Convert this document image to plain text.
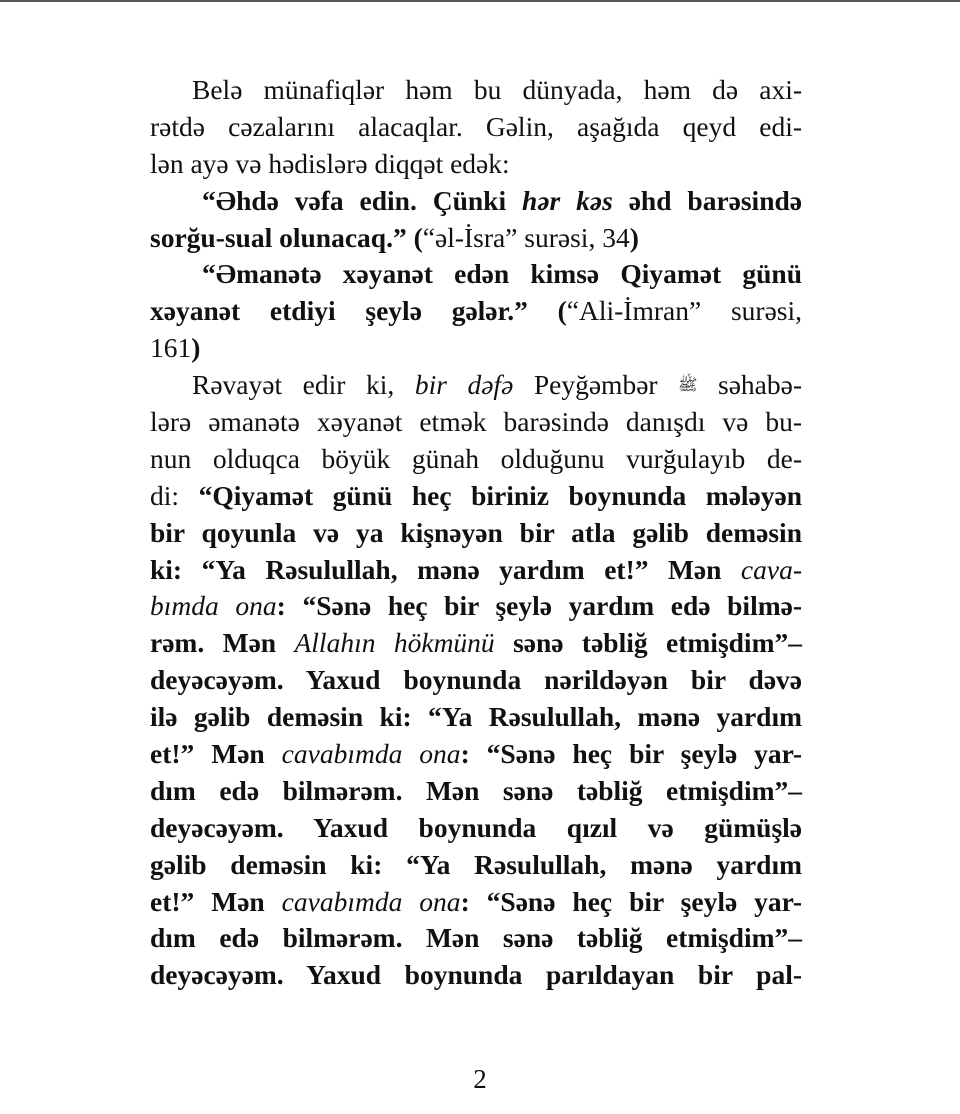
Belə münafiqlər həm bu dünyada, həm də axi-
rətdə cəzalarını alacaqlar. Gəlin, aşağıda qeyd edi-
lən ayə və hədislərə diqqət edək:
“Əhdə vəfa edin. Çünki hər kəs əhd barəsində
sorğu-sual olunacaq.” (“əl-İsra” surəsi, 34)
“Əmanətə xəyanət edən kimsə Qiyamət günü
xəyanət etdiyi şeylə gələr.” (“Ali-İmran” surəsi,
161)
Rəvayət edir ki, bir dəfə Peyğəmbər ﷺ səhabə-
lərə əmanətə xəyanət etmək barəsində danışdı və bu-
nun olduqca böyük günah olduğunu vurğulayıb de-
di: “Qiyamət günü heç biriniz boynunda mələyən
bir qoyunla və ya kişnəyən bir atla gəlib deməsin
ki: “Ya Rəsulullah, mənə yardım et!” Mən cava-
bımda ona: “Sənə heç bir şeylə yardım edə bilmə-
rəm. Mən Allahın hökmünü sənə təbliğ etmişdim”–
deyəcəyəm. Yaxud boynunda nərildəyən bir dəvə
ilə gəlib deməsin ki: “Ya Rəsulullah, mənə yardım
et!” Mən cavabımda ona: “Sənə heç bir şeylə yar-
dım edə bilmərəm. Mən sənə təbliğ etmişdim”–
deyəcəyəm. Yaxud boynunda qızıl və gümüşlə
gəlib deməsin ki: “Ya Rəsulullah, mənə yardım
et!” Mən cavabımda ona: “Sənə heç bir şeylə yar-
dım edə bilmərəm. Mən sənə təbliğ etmişdim”–
deyəcəyəm. Yaxud boynunda parıldayan bir pal-
2
